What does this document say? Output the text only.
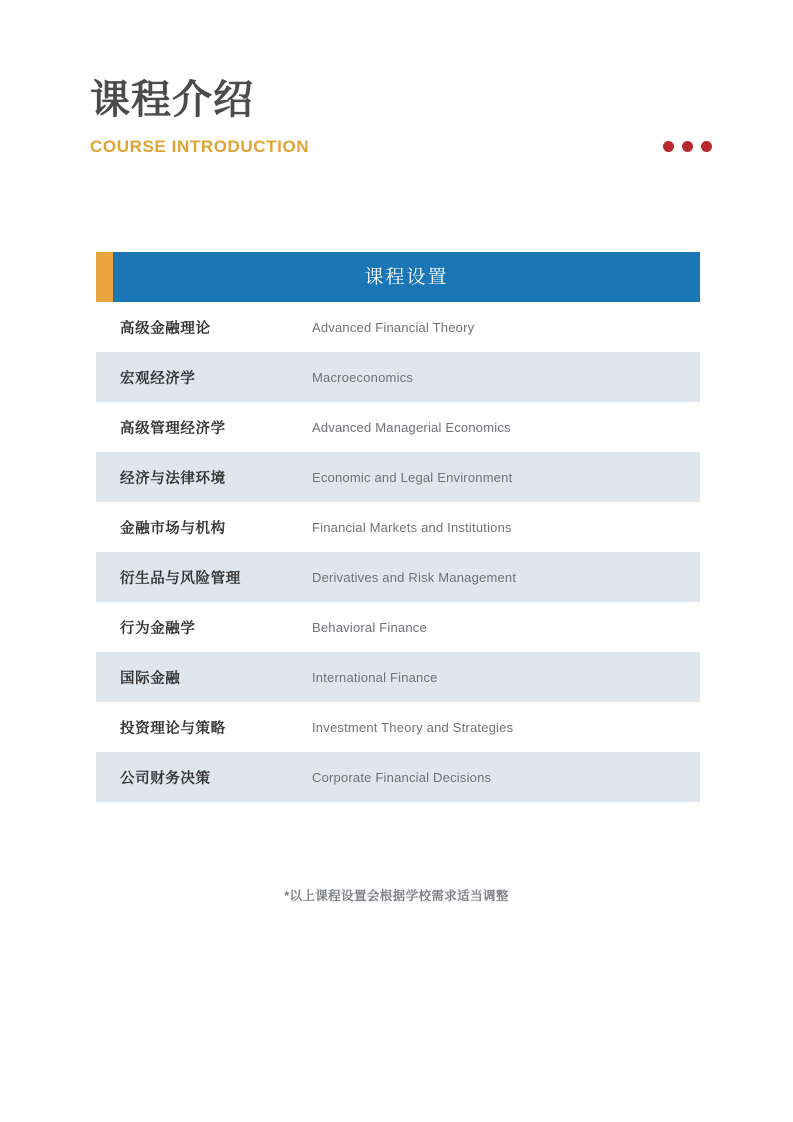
课程介绍
COURSE INTRODUCTION
课程设置
高级金融理论	Advanced Financial Theory
宏观经济学	Macroeconomics
高级管理经济学	Advanced Managerial Economics
经济与法律环境	Economic and Legal Environment
金融市场与机构	Financial Markets and Institutions
衍生品与风险管理	Derivatives and Risk Management
行为金融学	Behavioral Finance
国际金融	International Finance
投资理论与策略	Investment Theory and Strategies
公司财务决策	Corporate Financial Decisions
*以上课程设置会根据学校需求适当调整
